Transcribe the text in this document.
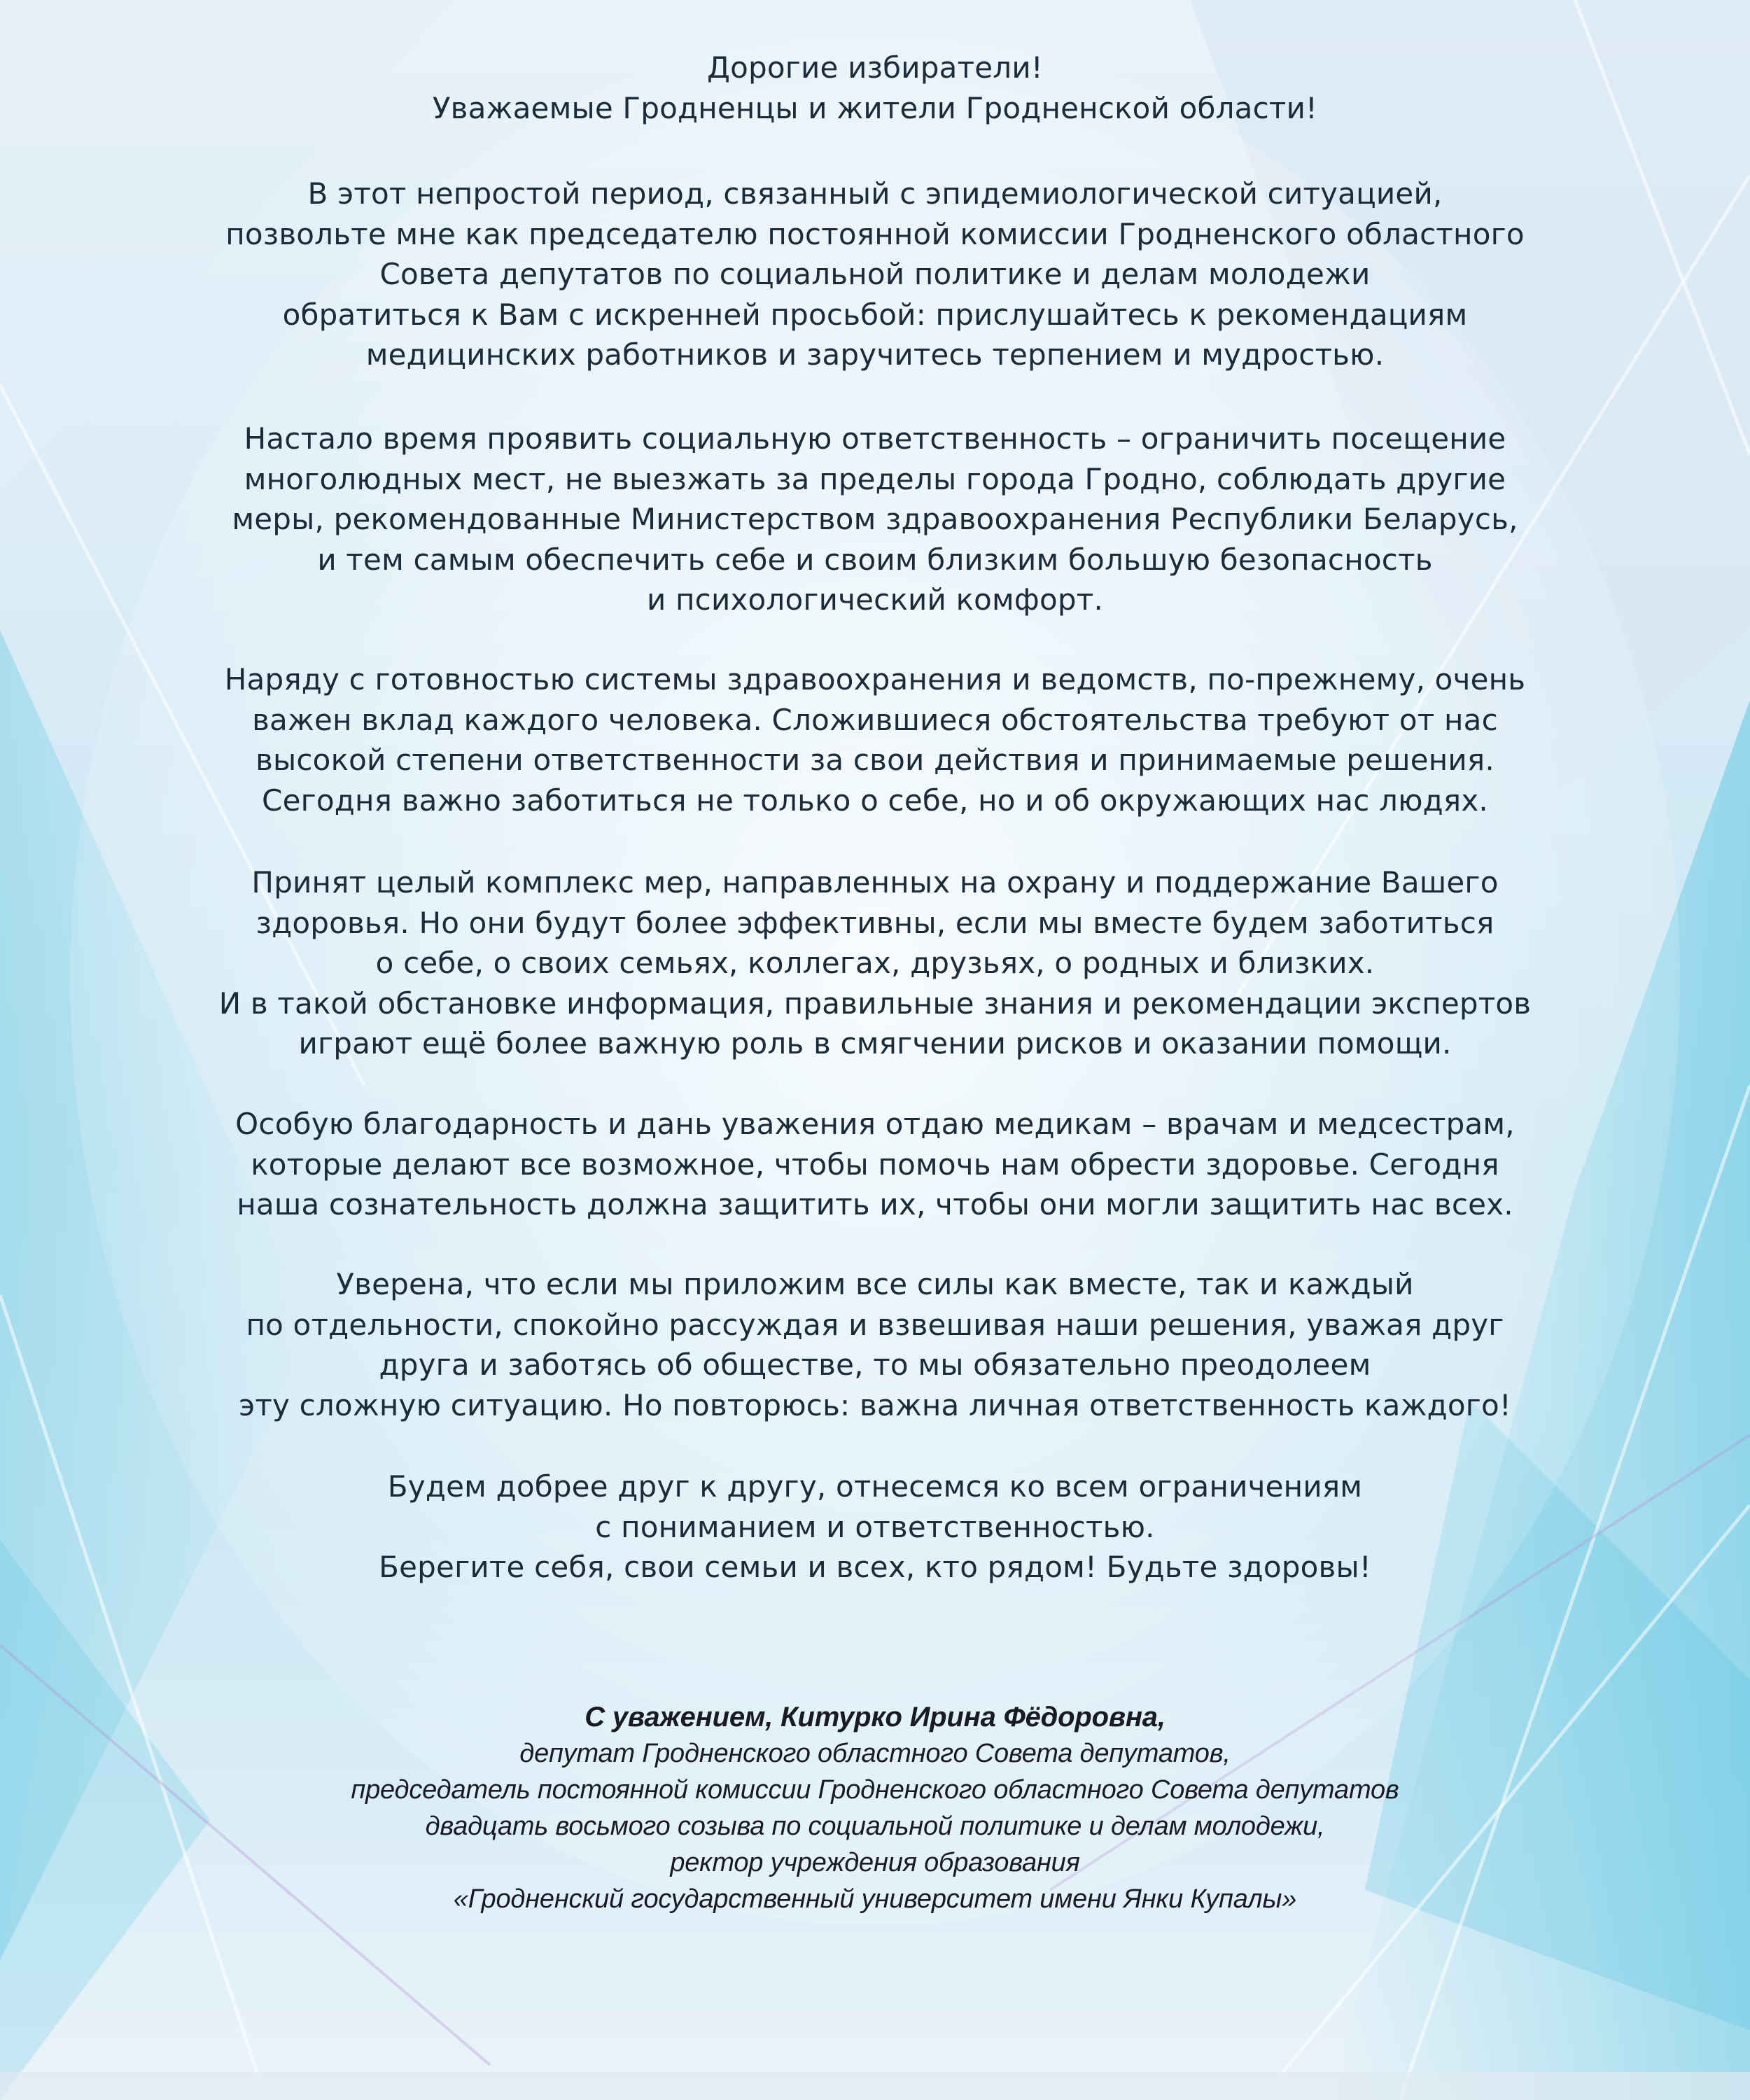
Дорогие избиратели!
Уважаемые Гродненцы и жители Гродненской области!
В этот непростой период, связанный с эпидемиологической ситуацией,
позвольте мне как председателю постоянной комиссии Гродненского областного
Совета депутатов по социальной политике и делам молодежи
обратиться к Вам с искренней просьбой: прислушайтесь к рекомендациям
медицинских работников и заручитесь терпением и мудростью.
Настало время проявить социальную ответственность – ограничить посещение
многолюдных мест, не выезжать за пределы города Гродно, соблюдать другие
меры, рекомендованные Министерством здравоохранения Республики Беларусь,
и тем самым обеспечить себе и своим близким большую безопасность
и психологический комфорт.
Наряду с готовностью системы здравоохранения и ведомств, по-прежнему, очень
важен вклад каждого человека. Сложившиеся обстоятельства требуют от нас
высокой степени ответственности за свои действия и принимаемые решения.
Сегодня важно заботиться не только о себе, но и об окружающих нас людях.
Принят целый комплекс мер, направленных на охрану и поддержание Вашего
здоровья. Но они будут более эффективны, если мы вместе будем заботиться
о себе, о своих семьях, коллегах, друзьях, о родных и близких.
И в такой обстановке информация, правильные знания и рекомендации экспертов
играют ещё более важную роль в смягчении рисков и оказании помощи.
Особую благодарность и дань уважения отдаю медикам – врачам и медсестрам,
которые делают все возможное, чтобы помочь нам обрести здоровье. Сегодня
наша сознательность должна защитить их, чтобы они могли защитить нас всех.
Уверена, что если мы приложим все силы как вместе, так и каждый
по отдельности, спокойно рассуждая и взвешивая наши решения, уважая друг
друга и заботясь об обществе, то мы обязательно преодолеем
эту сложную ситуацию. Но повторюсь: важна личная ответственность каждого!
Будем добрее друг к другу, отнесемся ко всем ограничениям
с пониманием и ответственностью.
Берегите себя, свои семьи и всех, кто рядом! Будьте здоровы!
С уважением, Китурко Ирина Фёдоровна,
депутат Гродненского областного Совета депутатов,
председатель постоянной комиссии Гродненского областного Совета депутатов
двадцать восьмого созыва по социальной политике и делам молодежи,
ректор учреждения образования
«Гродненский государственный университет имени Янки Купалы»
